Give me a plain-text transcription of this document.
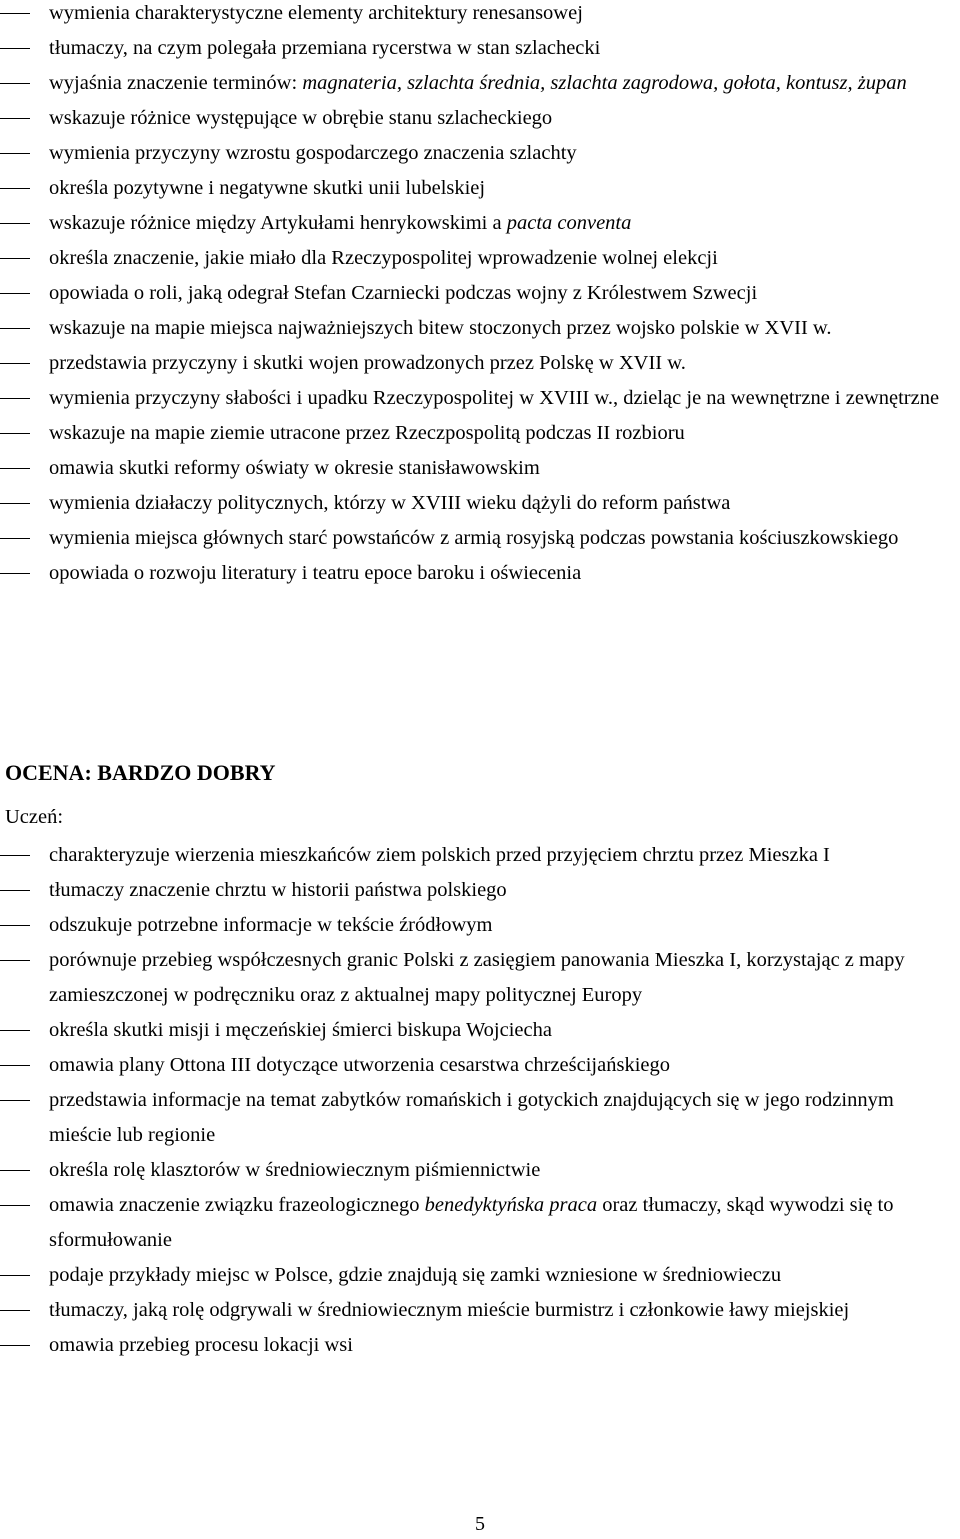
wymienia charakterystyczne elementy architektury renesansowej
tłumaczy, na czym polegała przemiana rycerstwa w stan szlachecki
wyjaśnia znaczenie terminów: magnateria, szlachta średnia, szlachta zagrodowa, gołota, kontusz, żupan
wskazuje różnice występujące w obrębie stanu szlacheckiego
wymienia przyczyny wzrostu gospodarczego znaczenia szlachty
określa pozytywne i negatywne skutki unii lubelskiej
wskazuje różnice między Artykułami henrykowskimi a pacta conventa
określa znaczenie, jakie miało dla Rzeczypospolitej wprowadzenie wolnej elekcji
opowiada o roli, jaką odegrał Stefan Czarniecki podczas wojny z Królestwem Szwecji
wskazuje na mapie miejsca najważniejszych bitew stoczonych przez wojsko polskie w XVII w.
przedstawia przyczyny i skutki wojen prowadzonych przez Polskę w XVII w.
wymienia przyczyny słabości i upadku Rzeczypospolitej w XVIII w., dzieląc je na wewnętrzne i zewnętrzne
wskazuje na mapie ziemie utracone przez Rzeczpospolitą podczas II rozbioru
omawia skutki reformy oświaty w okresie stanisławowskim
wymienia działaczy politycznych, którzy w XVIII wieku dążyli do reform państwa
wymienia miejsca głównych starć powstańców z armią rosyjską podczas powstania kościuszkowskiego
opowiada o rozwoju literatury i teatru epoce baroku i oświecenia
OCENA: BARDZO DOBRY

Uczeń:

charakteryzuje wierzenia mieszkańców ziem polskich przed przyjęciem chrztu przez Mieszka I
tłumaczy znaczenie chrztu w historii państwa polskiego
odszukuje potrzebne informacje w tekście źródłowym
porównuje przebieg współczesnych granic Polski z zasięgiem panowania Mieszka I, korzystając z mapy zamieszczonej w podręczniku oraz z aktualnej mapy politycznej Europy
określa skutki misji i męczeńskiej śmierci biskupa Wojciecha
omawia plany Ottona III dotyczące utworzenia cesarstwa chrześcijańskiego
przedstawia informacje na temat zabytków romańskich i gotyckich znajdujących się w jego rodzinnym mieście lub regionie
określa rolę klasztorów w średniowiecznym piśmiennictwie
omawia znaczenie związku frazeologicznego benedyktyńska praca oraz tłumaczy, skąd wywodzi się to sformułowanie
podaje przykłady miejsc w Polsce, gdzie znajdują się zamki wzniesione w średniowieczu
tłumaczy, jaką rolę odgrywali w średniowiecznym mieście burmistrz i członkowie ławy miejskiej
omawia przebieg procesu lokacji wsi
5
